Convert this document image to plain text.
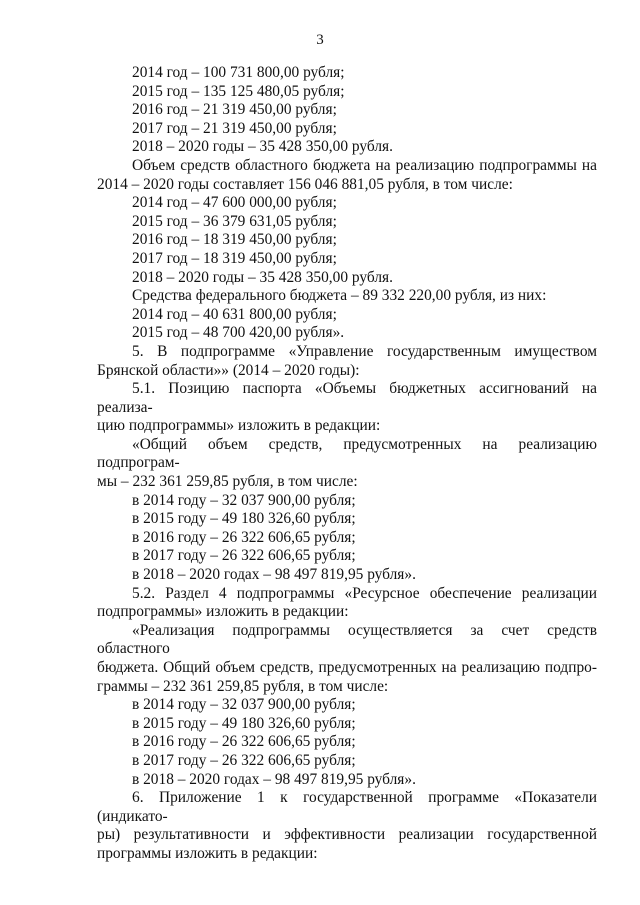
3
2014 год – 100 731 800,00 рубля;
2015 год – 135 125 480,05 рубля;
2016 год – 21 319 450,00 рубля;
2017 год – 21 319 450,00 рубля;
2018 – 2020 годы – 35 428 350,00 рубля.
Объем средств областного бюджета на реализацию подпрограммы на
2014 – 2020 годы составляет 156 046 881,05 рубля, в том числе:
2014 год – 47 600 000,00 рубля;
2015 год – 36 379 631,05 рубля;
2016 год – 18 319 450,00 рубля;
2017 год – 18 319 450,00 рубля;
2018 – 2020 годы – 35 428 350,00 рубля.
Средства федерального бюджета – 89 332 220,00 рубля, из них:
2014 год – 40 631 800,00 рубля;
2015 год – 48 700 420,00 рубля».
5. В подпрограмме «Управление государственным имуществом
Брянской области»» (2014 – 2020 годы):
5.1. Позицию паспорта «Объемы бюджетных ассигнований на реализа-
цию подпрограммы» изложить в редакции:
«Общий объем средств, предусмотренных на реализацию подпрограм-
мы – 232 361 259,85 рубля, в том числе:
в 2014 году – 32 037 900,00 рубля;
в 2015 году – 49 180 326,60 рубля;
в 2016 году – 26 322 606,65 рубля;
в 2017 году – 26 322 606,65 рубля;
в 2018 – 2020 годах – 98 497 819,95 рубля».
5.2. Раздел 4 подпрограммы «Ресурсное обеспечение реализации
подпрограммы» изложить в редакции:
«Реализация подпрограммы осуществляется за счет средств областного
бюджета. Общий объем средств, предусмотренных на реализацию подпро-
граммы – 232 361 259,85 рубля, в том числе:
в 2014 году – 32 037 900,00 рубля;
в 2015 году – 49 180 326,60 рубля;
в 2016 году – 26 322 606,65 рубля;
в 2017 году – 26 322 606,65 рубля;
в 2018 – 2020 годах – 98 497 819,95 рубля».
6. Приложение 1 к государственной программе «Показатели (индикато-
ры) результативности и эффективности реализации государственной
программы изложить в редакции:
